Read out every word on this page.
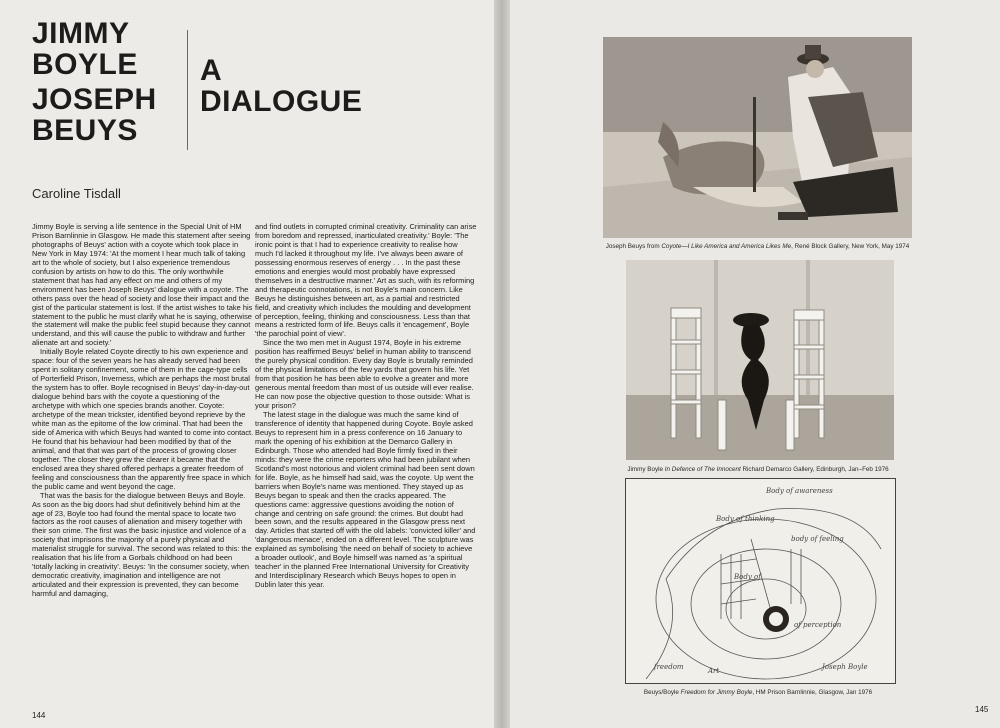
JIMMY
BOYLE
JOSEPH
BEUYS
A
DIALOGUE
Caroline Tisdall

Jimmy Boyle is serving a life sentence in the Special Unit of HM Prison Barnlinnie in Glasgow. He made this statement after seeing photographs of Beuys' action with a coyote which took place in New York in May 1974: 'At the moment I hear much talk of taking art to the whole of society, but I also experience tremendous confusion by artists on how to do this. The only worthwhile statement that has had any effect on me and others of my environment has been Joseph Beuys' dialogue with a coyote. The others pass over the head of society and lose their impact and the gist of the particular statement is lost. If the artist wishes to take his statement to the public he must clarify what he is saying, otherwise the statement will make the public feel stupid because they cannot understand, and this will cause the public to withdraw and further alienate art and society.'

Initially Boyle related Coyote directly to his own experience and space: four of the seven years he has already served had been spent in solitary confinement, some of them in the cage-type cells of Porterfield Prison, Inverness, which are perhaps the most brutal the system has to offer. Boyle recognised in Beuys' day-in-day-out dialogue behind bars with the coyote a questioning of the archetype with which one species brands another. Coyote: archetype of the mean trickster, identified beyond reprieve by the white man as the epitome of the low criminal. That had been the side of America with which Beuys had wanted to come into contact. He found that his behaviour had been modified by that of the animal, and that that was part of the process of growing closer together. The closer they grew the clearer it became that the enclosed area they shared offered perhaps a greater freedom of feeling and consciousness than the apparently free space in which the public came and went beyond the cage.

That was the basis for the dialogue between Beuys and Boyle. As soon as the big doors had shut definitively behind him at the age of 23, Boyle too had found the mental space to locate two factors as the root causes of alienation and misery together with their son crime. The first was the basic injustice and violence of a society that imprisons the majority of a purely physical and materialist struggle for survival. The second was related to this: the realisation that his life from a Gorbals childhood on had been 'totally lacking in creativity'. Beuys: 'In the consumer society, when democratic creativity, imagination and intelligence are not articulated and their expression is prevented, they can become harmful and damaging,

and find outlets in corrupted criminal creativity. Criminality can arise from boredom and repressed, inarticulated creativity.' Boyle: 'The ironic point is that I had to experience creativity to realise how much I'd lacked it throughout my life. I've always been aware of possessing enormous reserves of energy . . . In the past these emotions and energies would most probably have expressed themselves in a destructive manner.' Art as such, with its reforming and therapeutic connotations, is not Boyle's main concern. Like Beuys he distinguishes between art, as a partial and restricted field, and creativity which includes the moulding and development of perception, feeling, thinking and consciousness. Less than that means a restricted form of life. Beuys calls it 'encagement', Boyle 'the parochial point of view'.

Since the two men met in August 1974, Boyle in his extreme position has reaffirmed Beuys' belief in human ability to transcend the purely physical condition. Every day Boyle is brutally reminded of the physical limitations of the few yards that govern his life. Yet from that position he has been able to evolve a greater and more generous mental freedom than most of us outside will ever realise. He can now pose the objective question to those outside: What is your prison?

The latest stage in the dialogue was much the same kind of transference of identity that happened during Coyote. Boyle asked Beuys to represent him in a press conference on 16 January to mark the opening of his exhibition at the Demarco Gallery in Edinburgh. Those who attended had Boyle firmly fixed in their minds: they were the crime reporters who had been jubilant when Scotland's most notorious and violent criminal had been sent down for life. Boyle, as he himself had said, was the coyote. Up went the barriers when Boyle's name was mentioned. They stayed up as Beuys began to speak and then the cracks appeared. The questions came: aggressive questions avoiding the notion of change and centring on safe ground: the crimes. But doubt had been sown, and the results appeared in the Glasgow press next day. Articles that started off with the old labels: 'convicted killer' and 'dangerous menace', ended on a different level. The sculpture was explained as symbolising 'the need on behalf of society to achieve a broader outlook', and Boyle himself was named as 'a spiritual teacher' in the planned Free International University for Creativity and Interdisciplinary Research which Beuys hopes to open in Dublin later this year.

144
Joseph Beuys from Coyote—I Like America and America Likes Me, René Block Gallery, New York, May 1974
Jimmy Boyle In Defence of The Innocent Richard Demarco Gallery, Edinburgh, Jan–Feb 1976
Body of awareness
Body of thinking
body of feeling
Body of
of perception
freedom	Art	Joseph Boyle
Beuys/Boyle Freedom for Jimmy Boyle, HM Prison Barnlinnie, Glasgow, Jan 1976
145
